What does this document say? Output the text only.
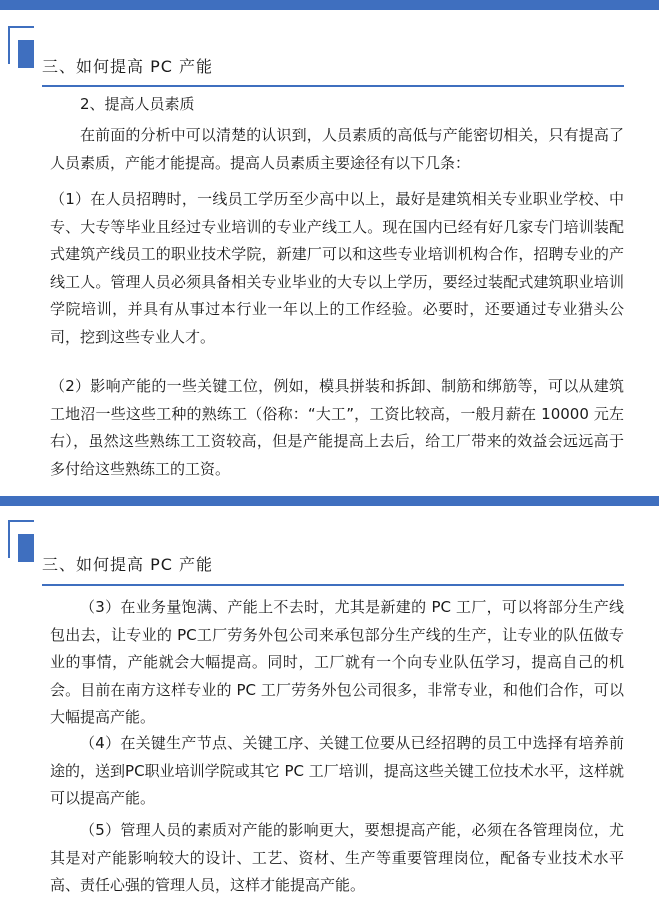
三、如何提高 PC 产能

2、提高人员素质

在前面的分析中可以清楚的认识到，人员素质的高低与产能密切相关，只有提高了人员素质，产能才能提高。提高人员素质主要途径有以下几条：

（1）在人员招聘时，一线员工学历至少高中以上，最好是建筑相关专业职业学校、中专、大专等毕业且经过专业培训的专业产线工人。现在国内已经有好几家专门培训装配式建筑产线员工的职业技术学院，新建厂可以和这些专业培训机构合作，招聘专业的产线工人。管理人员必须具备相关专业毕业的大专以上学历，要经过装配式建筑职业培训学院培训，并具有从事过本行业一年以上的工作经验。必要时，还要通过专业猎头公司，挖到这些专业人才。

（2）影响产能的一些关键工位，例如，模具拼装和拆卸、制筋和绑筋等，可以从建筑工地沼一些这些工种的熟练工（俗称：“大工”，工资比较高，一般月薪在 10000 元左右），虽然这些熟练工工资较高，但是产能提高上去后，给工厂带来的效益会远远高于多付给这些熟练工的工资。

三、如何提高 PC 产能

（3）在业务量饱满、产能上不去时，尤其是新建的 PC 工厂，可以将部分生产线包出去，让专业的 PC工厂劳务外包公司来承包部分生产线的生产，让专业的队伍做专业的事情，产能就会大幅提高。同时，工厂就有一个向专业队伍学习，提高自己的机会。目前在南方这样专业的 PC 工厂劳务外包公司很多，非常专业，和他们合作，可以大幅提高产能。

（4）在关键生产节点、关键工序、关键工位要从已经招聘的员工中选择有培养前途的，送到PC职业培训学院或其它 PC 工厂培训，提高这些关键工位技术水平，这样就可以提高产能。

（5）管理人员的素质对产能的影响更大，要想提高产能，必须在各管理岗位，尤其是对产能影响较大的设计、工艺、资材、生产等重要管理岗位，配备专业技术水平高、责任心强的管理人员，这样才能提高产能。
